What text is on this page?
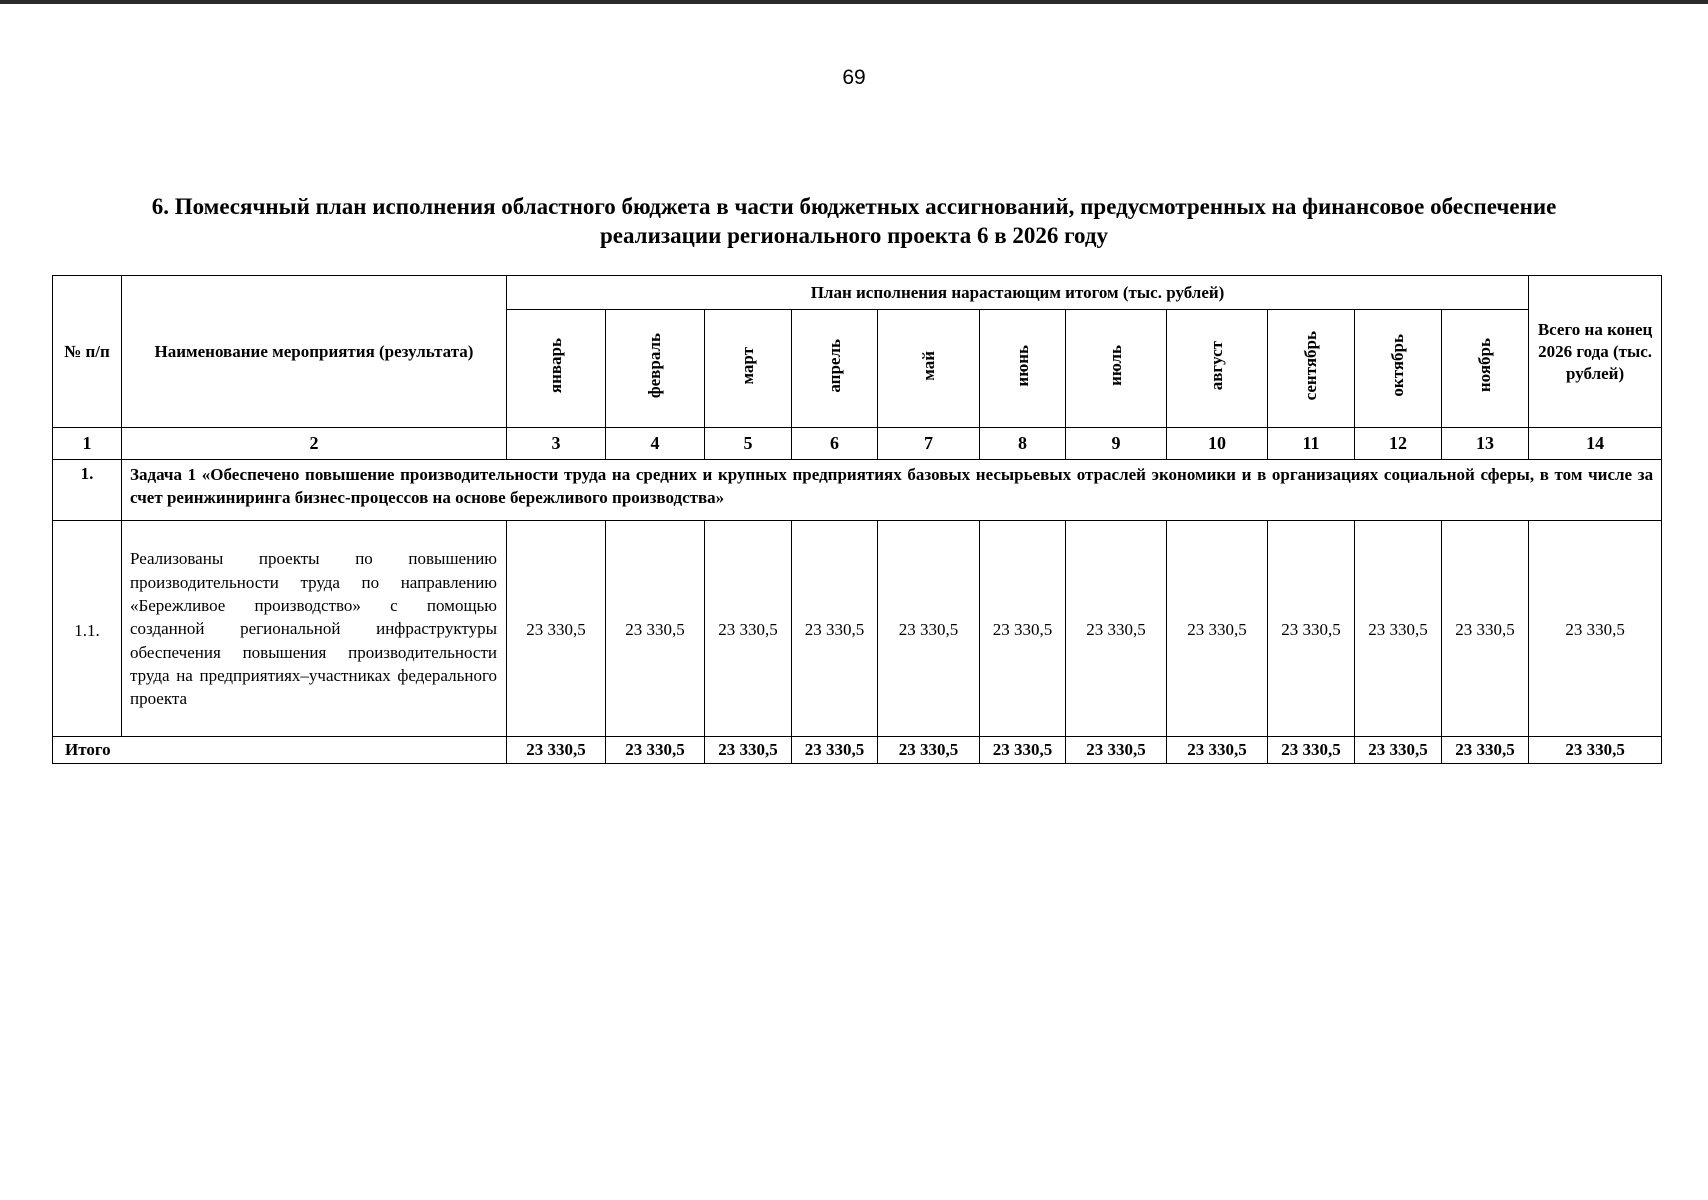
69
6. Помесячный план исполнения областного бюджета в части бюджетных ассигнований, предусмотренных на финансовое обеспечение
реализации регионального проекта 6 в 2026 году
№ п/п	Наименование мероприятия (результата)	План исполнения нарастающим итогом (тыс. рублей)											Всего на конец 2026 года (тыс. рублей)
		январь	февраль	март	апрель	май	июнь	июль	август	сентябрь	октябрь	ноябрь	
1	2	3	4	5	6	7	8	9	10	11	12	13	14
1.	Задача 1 «Обеспечено повышение производительности труда на средних и крупных предприятиях базовых несырьевых отраслей экономики и в организациях социальной сферы, в том числе за счет реинжиниринга бизнес-процессов на основе бережливого производства»												
1.1.	Реализованы проекты по повышению производительности труда по направлению «Бережливое производство» с помощью созданной региональной инфраструктуры обеспечения повышения производительности труда на предприятиях–участниках федерального проекта	23 330,5	23 330,5	23 330,5	23 330,5	23 330,5	23 330,5	23 330,5	23 330,5	23 330,5	23 330,5	23 330,5	23 330,5
Итого		23 330,5	23 330,5	23 330,5	23 330,5	23 330,5	23 330,5	23 330,5	23 330,5	23 330,5	23 330,5	23 330,5	23 330,5
